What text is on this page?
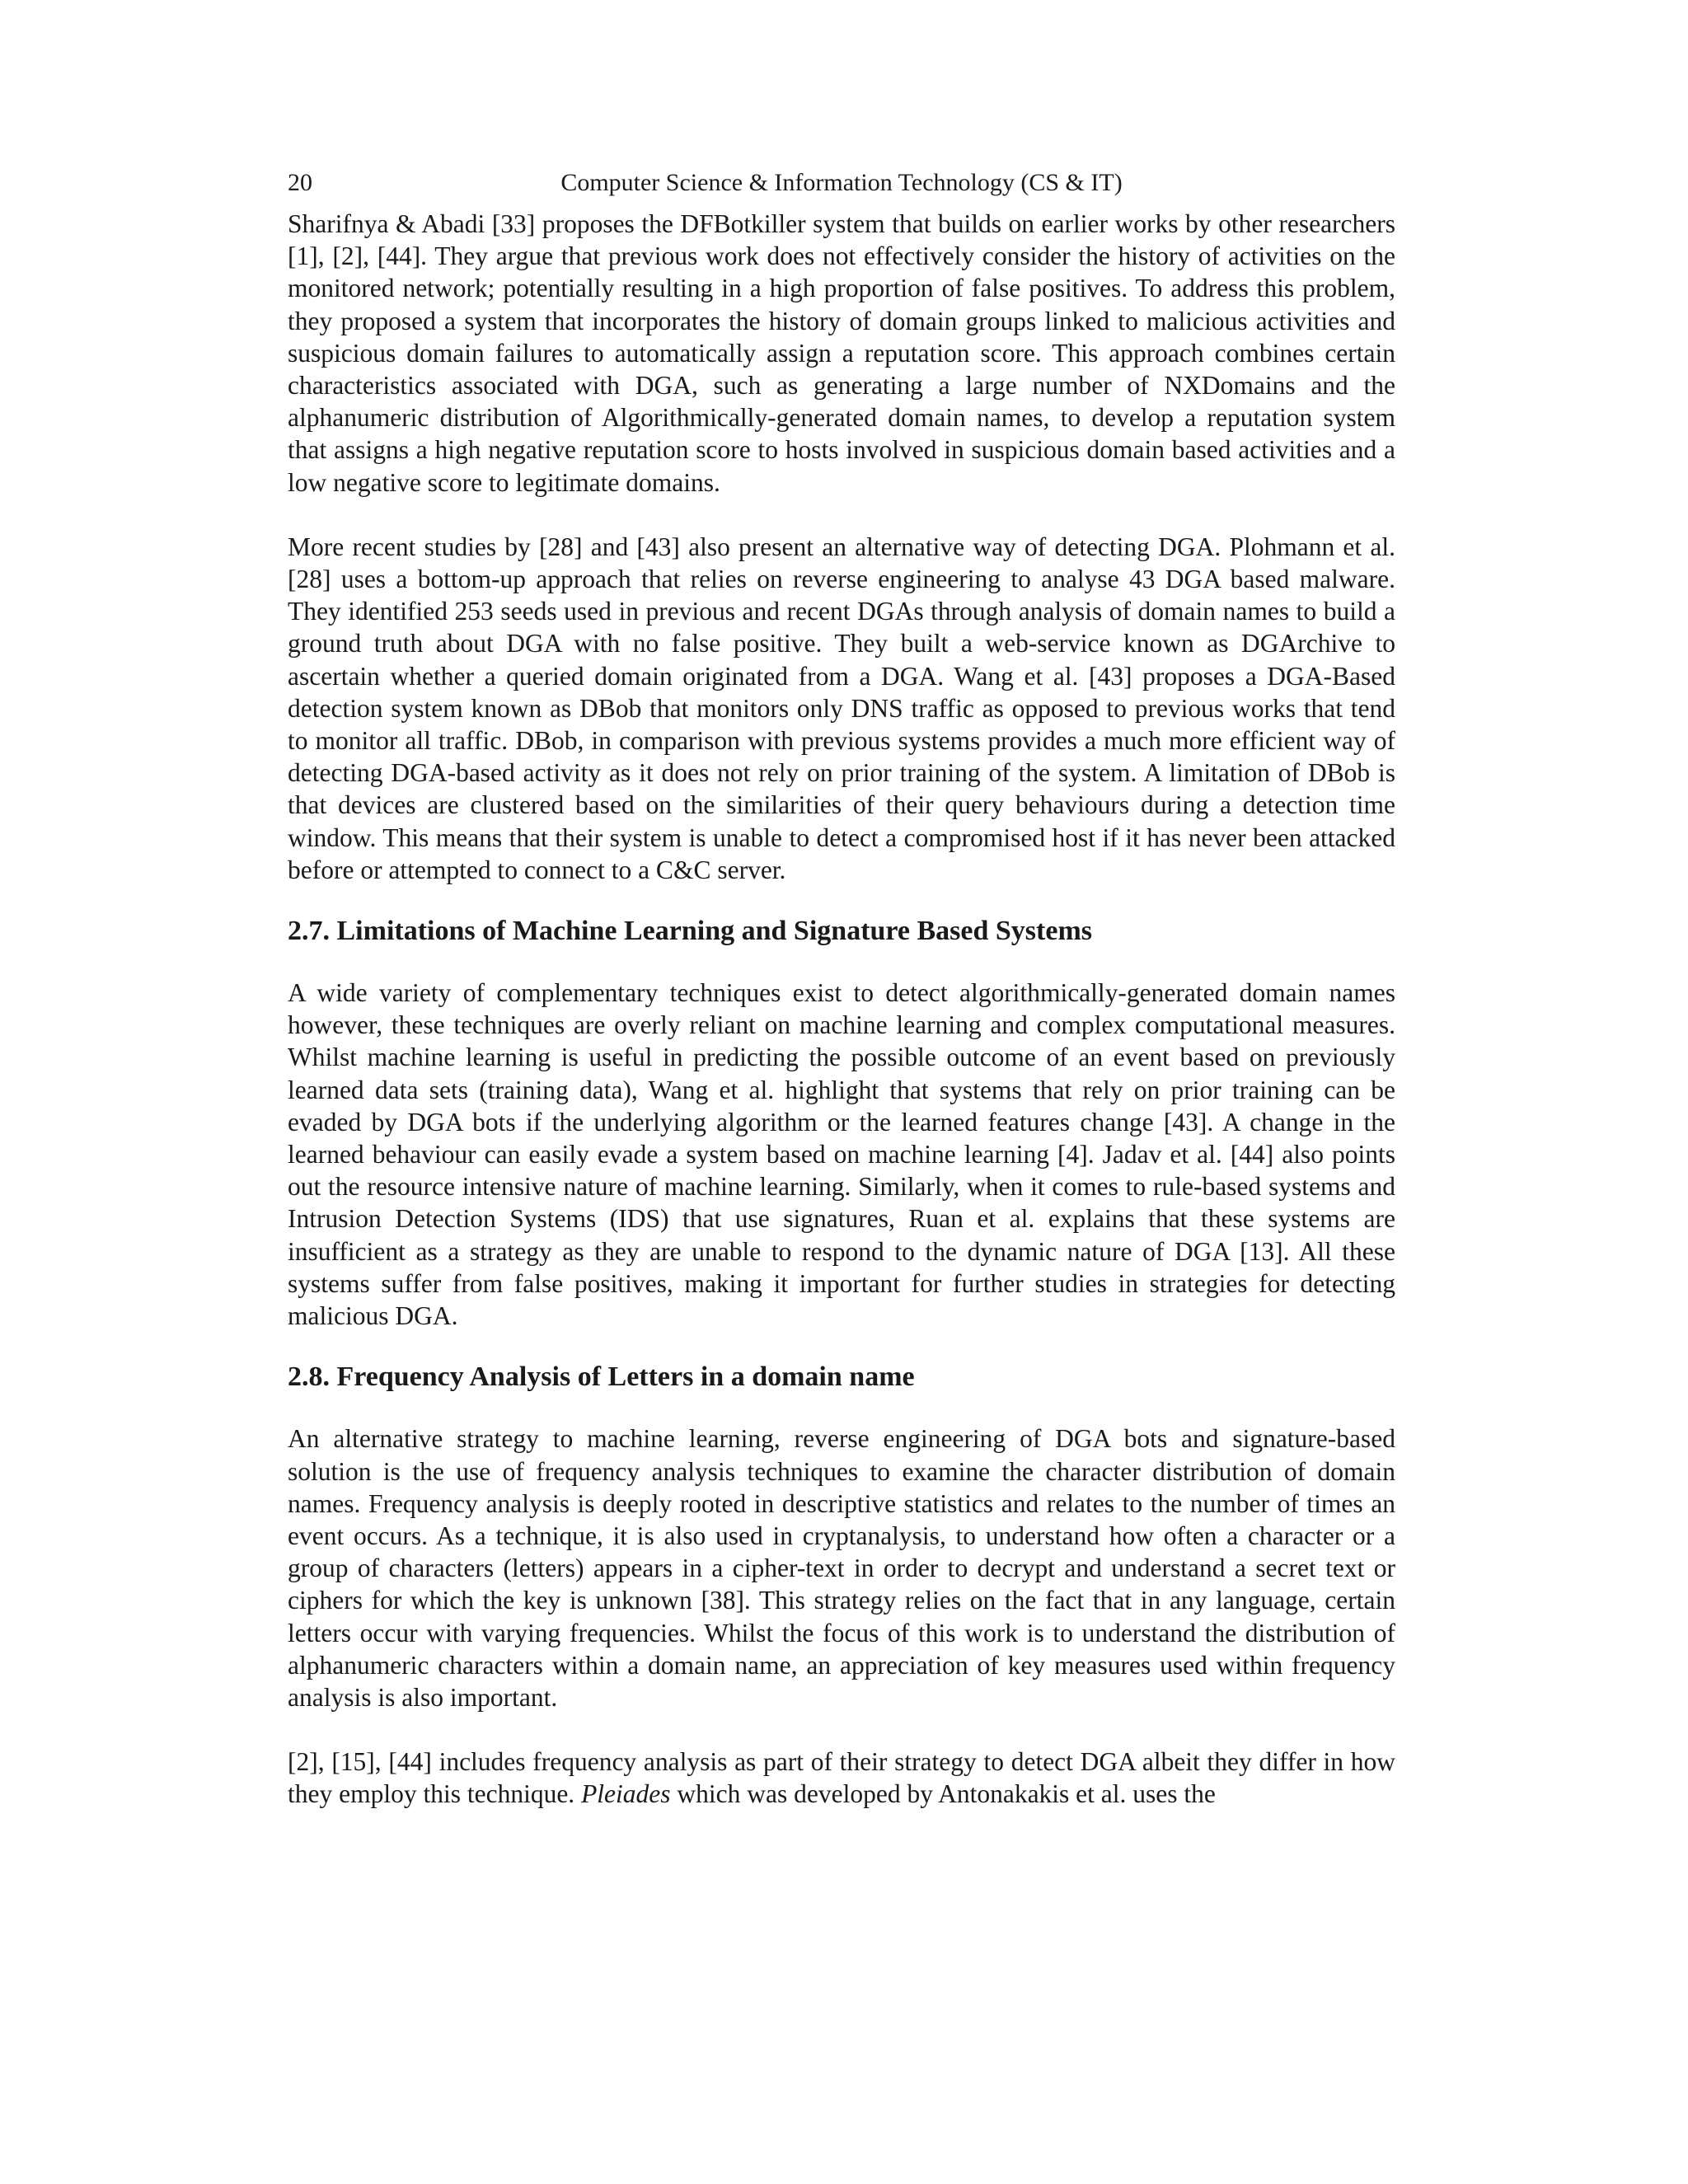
20	Computer Science & Information Technology (CS & IT)

Sharifnya & Abadi [33] proposes the DFBotkiller system that builds on earlier works by other researchers [1], [2], [44]. They argue that previous work does not effectively consider the history of activities on the monitored network; potentially resulting in a high proportion of false positives. To address this problem, they proposed a system that incorporates the history of domain groups linked to malicious activities and suspicious domain failures to automatically assign a reputation score. This approach combines certain characteristics associated with DGA, such as generating a large number of NXDomains and the alphanumeric distribution of Algorithmically-generated domain names, to develop a reputation system that assigns a high negative reputation score to hosts involved in suspicious domain based activities and a low negative score to legitimate domains.

More recent studies by [28] and [43] also present an alternative way of detecting DGA. Plohmann et al. [28] uses a bottom-up approach that relies on reverse engineering to analyse 43 DGA based malware. They identified 253 seeds used in previous and recent DGAs through analysis of domain names to build a ground truth about DGA with no false positive. They built a web-service known as DGArchive to ascertain whether a queried domain originated from a DGA. Wang et al. [43] proposes a DGA-Based detection system known as DBob that monitors only DNS traffic as opposed to previous works that tend to monitor all traffic. DBob, in comparison with previous systems provides a much more efficient way of detecting DGA-based activity as it does not rely on prior training of the system. A limitation of DBob is that devices are clustered based on the similarities of their query behaviours during a detection time window. This means that their system is unable to detect a compromised host if it has never been attacked before or attempted to connect to a C&C server.

2.7. Limitations of Machine Learning and Signature Based Systems

A wide variety of complementary techniques exist to detect algorithmically-generated domain names however, these techniques are overly reliant on machine learning and complex computational measures. Whilst machine learning is useful in predicting the possible outcome of an event based on previously learned data sets (training data), Wang et al. highlight that systems that rely on prior training can be evaded by DGA bots if the underlying algorithm or the learned features change [43]. A change in the learned behaviour can easily evade a system based on machine learning [4]. Jadav et al. [44] also points out the resource intensive nature of machine learning. Similarly, when it comes to rule-based systems and Intrusion Detection Systems (IDS) that use signatures, Ruan et al. explains that these systems are insufficient as a strategy as they are unable to respond to the dynamic nature of DGA [13]. All these systems suffer from false positives, making it important for further studies in strategies for detecting malicious DGA.

2.8. Frequency Analysis of Letters in a domain name

An alternative strategy to machine learning, reverse engineering of DGA bots and signature-based solution is the use of frequency analysis techniques to examine the character distribution of domain names. Frequency analysis is deeply rooted in descriptive statistics and relates to the number of times an event occurs. As a technique, it is also used in cryptanalysis, to understand how often a character or a group of characters (letters) appears in a cipher-text in order to decrypt and understand a secret text or ciphers for which the key is unknown [38]. This strategy relies on the fact that in any language, certain letters occur with varying frequencies. Whilst the focus of this work is to understand the distribution of alphanumeric characters within a domain name, an appreciation of key measures used within frequency analysis is also important.

[2], [15], [44] includes frequency analysis as part of their strategy to detect DGA albeit they differ in how they employ this technique. Pleiades which was developed by Antonakakis et al. uses the
